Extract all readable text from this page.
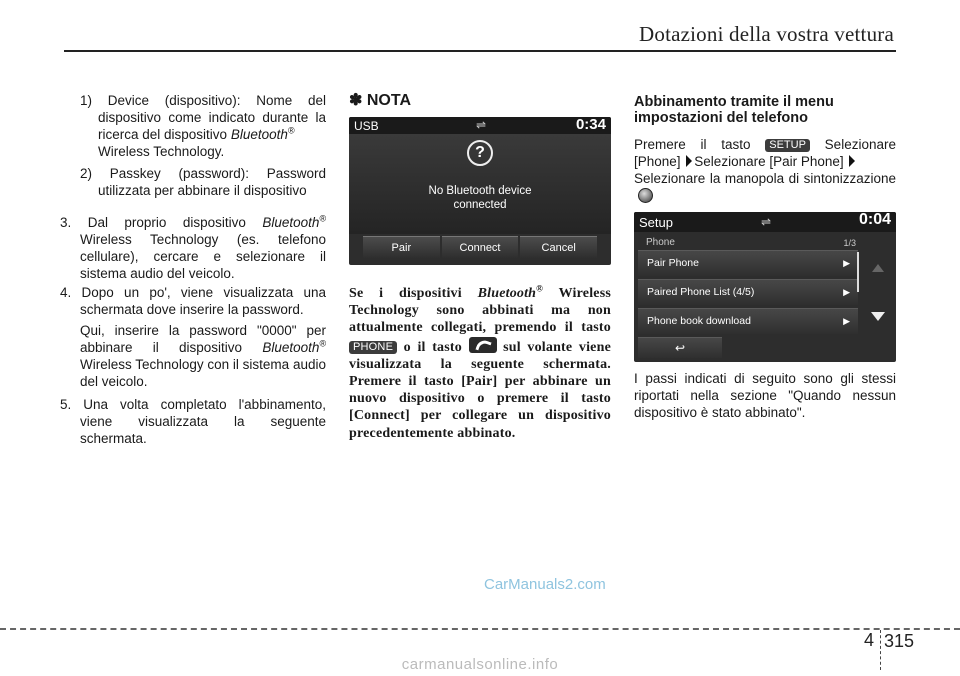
Dotazioni della vostra vettura

1) Device (dispositivo): Nome del dispositivo come indicato durante la ricerca del dispositivo Bluetooth®
Wireless Technology.

2) Passkey (password): Password utilizzata per abbinare il dispositivo

3. Dal proprio dispositivo Bluetooth® Wireless Technology (es. telefono cellulare), cercare e selezionare il sistema audio del veicolo.

4. Dopo un po', viene visualizzata una schermata dove inserire la password.

Qui, inserire la password "0000" per abbinare il dispositivo Bluetooth® Wireless Technology con il sistema audio del veicolo.

5. Una volta completato l'abbinamento, viene visualizzata la seguente schermata.

✽ NOTA
USB	⇌	0:34
?
No Bluetooth device
connected
Pair	Connect	Cancel

Se i dispositivi Bluetooth® Wireless Technology sono abbinati ma non attualmente collegati, premendo il tasto PHONE o il tasto  sul volante viene visualizzata la seguente schermata. Premere il tasto [Pair] per abbinare un nuovo dispositivo o premere il tasto [Connect] per collegare un dispositivo precedentemente abbinato.

Abbinamento tramite il menu
impostazioni del telefono

Premere il tasto SETUP Selezionare [Phone] Selezionare [Pair Phone]
Selezionare la manopola di sintonizzazione

Setup	⇌	0:04
Phone	1/3
Pair Phone	▶
Paired Phone List (4/5)	▶
Phone book download	▶
↩

I passi indicati di seguito sono gli stessi riportati nella sezione "Quando nessun dispositivo è stato abbinato".

CarManuals2.com
4 315
carmanualsonline.info
